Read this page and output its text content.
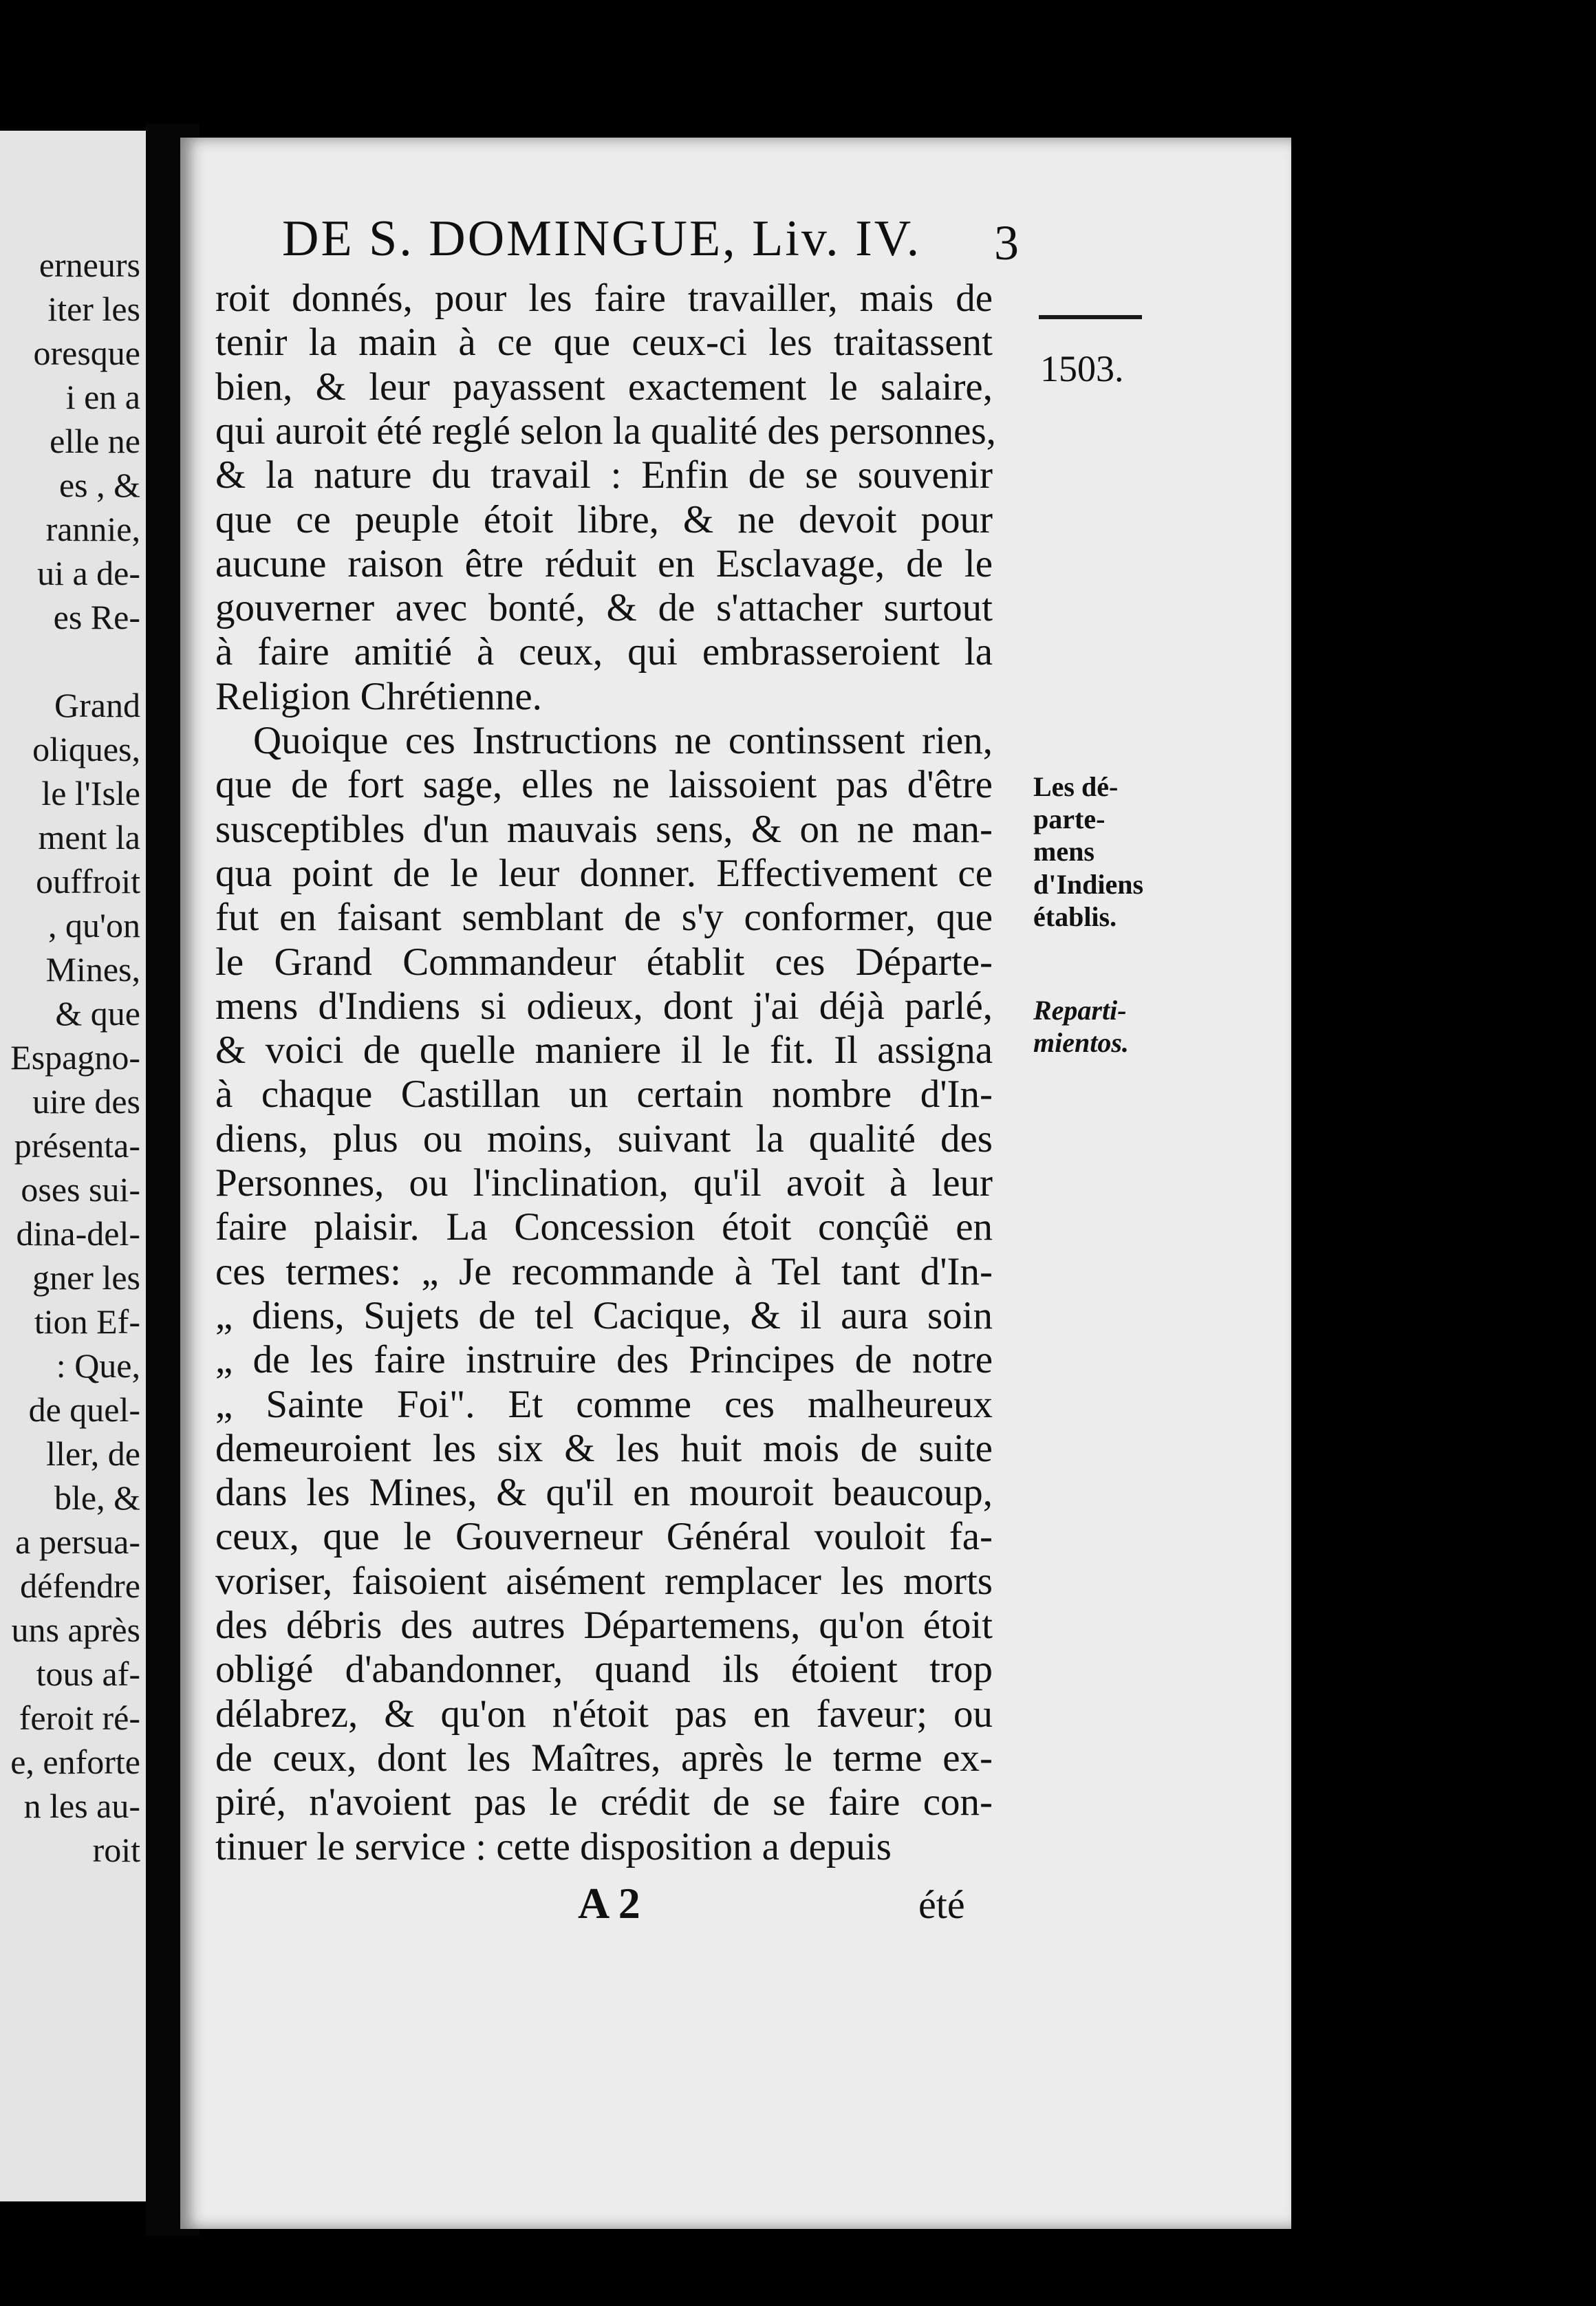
erneurs
iter les
oresque
i en a
elle ne
es , &
rannie,
ui a de-
es Re-
Grand
oliques,
le l'Isle
ment la
ouffroit
, qu'on
Mines,
& que
Espagno-
uire des
présenta-
oses sui-
dina-del-
gner les
tion Ef-
: Que,
de quel-
ller, de
ble, &
a persua-
défendre
uns après
tous af-
feroit ré-
e, enforte
n les au-
roit
DE S. DOMINGUE, Liv. IV.	3
1503.
Les dé-
parte-
mens
d'Indiens
établis.
Reparti-
mientos.
roit donnés, pour les faire travailler, mais de
tenir la main à ce que ceux-ci les traitassent
bien, & leur payassent exactement le salaire,
qui auroit été reglé selon la qualité des personnes,
& la nature du travail : Enfin de se souvenir
que ce peuple étoit libre, & ne devoit pour
aucune raison être réduit en Esclavage, de le
gouverner avec bonté, & de s'attacher surtout
à faire amitié à ceux, qui embrasseroient la
Religion Chrétienne.
Quoique ces Instructions ne continssent rien,
que de fort sage, elles ne laissoient pas d'être
susceptibles d'un mauvais sens, & on ne man-
qua point de le leur donner. Effectivement ce
fut en faisant semblant de s'y conformer, que
le Grand Commandeur établit ces Départe-
mens d'Indiens si odieux, dont j'ai déjà parlé,
& voici de quelle maniere il le fit. Il assigna
à chaque Castillan un certain nombre d'In-
diens, plus ou moins, suivant la qualité des
Personnes, ou l'inclination, qu'il avoit à leur
faire plaisir. La Concession étoit conçûë en
ces termes: „ Je recommande à Tel tant d'In-
„ diens, Sujets de tel Cacique, & il aura soin
„ de les faire instruire des Principes de notre
„ Sainte Foi". Et comme ces malheureux
demeuroient les six & les huit mois de suite
dans les Mines, & qu'il en mouroit beaucoup,
ceux, que le Gouverneur Général vouloit fa-
voriser, faisoient aisément remplacer les morts
des débris des autres Départemens, qu'on étoit
obligé d'abandonner, quand ils étoient trop
délabrez, & qu'on n'étoit pas en faveur; ou
de ceux, dont les Maîtres, après le terme ex-
piré, n'avoient pas le crédit de se faire con-
tinuer le service : cette disposition a depuis
A 2	été
